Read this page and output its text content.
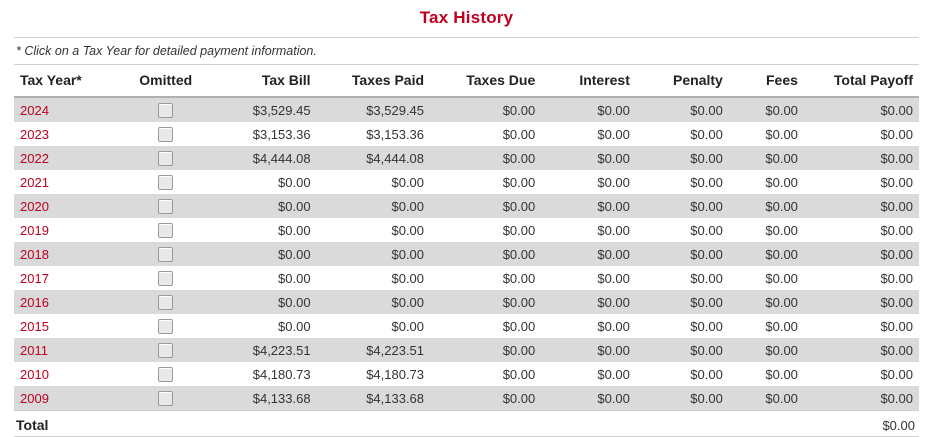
Tax History
* Click on a Tax Year for detailed payment information.
Tax Year*	Omitted	Tax Bill	Taxes Paid	Taxes Due	Interest	Penalty	Fees	Total Payoff
2024		$3,529.45	$3,529.45	$0.00	$0.00	$0.00	$0.00	$0.00
2023		$3,153.36	$3,153.36	$0.00	$0.00	$0.00	$0.00	$0.00
2022		$4,444.08	$4,444.08	$0.00	$0.00	$0.00	$0.00	$0.00
2021		$0.00	$0.00	$0.00	$0.00	$0.00	$0.00	$0.00
2020		$0.00	$0.00	$0.00	$0.00	$0.00	$0.00	$0.00
2019		$0.00	$0.00	$0.00	$0.00	$0.00	$0.00	$0.00
2018		$0.00	$0.00	$0.00	$0.00	$0.00	$0.00	$0.00
2017		$0.00	$0.00	$0.00	$0.00	$0.00	$0.00	$0.00
2016		$0.00	$0.00	$0.00	$0.00	$0.00	$0.00	$0.00
2015		$0.00	$0.00	$0.00	$0.00	$0.00	$0.00	$0.00
2011		$4,223.51	$4,223.51	$0.00	$0.00	$0.00	$0.00	$0.00
2010		$4,180.73	$4,180.73	$0.00	$0.00	$0.00	$0.00	$0.00
2009		$4,133.68	$4,133.68	$0.00	$0.00	$0.00	$0.00	$0.00
Total								$0.00
